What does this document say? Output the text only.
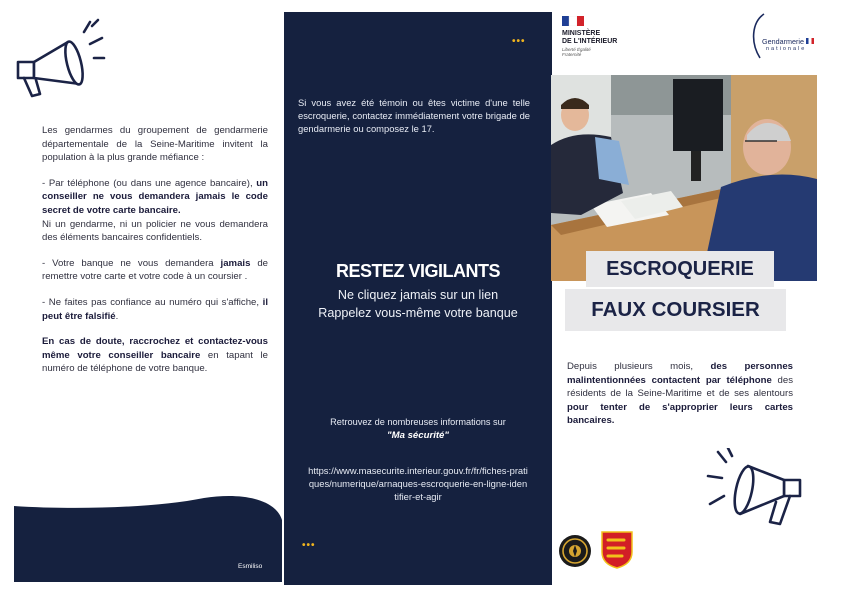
Les gendarmes du groupement de gendarmerie départementale de la Seine-Maritime invitent la population à la plus grande méfiance :

- Par téléphone (ou dans une agence bancaire), un conseiller ne vous demandera jamais le code secret de votre carte bancaire.
Ni un gendarme, ni un policier ne vous demandera des éléments bancaires confidentiels.

- Votre banque ne vous demandera jamais de remettre votre carte et votre code à un coursier .

- Ne faites pas confiance au numéro qui s'affiche, il peut être falsifié.

En cas de doute, raccrochez et contactez-vous même votre conseiller bancaire en tapant le numéro de téléphone de votre banque.

Esmiliso
•••
Si vous avez été témoin ou êtes victime d'une telle escroquerie, contactez immédiatement votre brigade de gendarmerie ou composez le 17.
RESTEZ VIGILANTS
Ne cliquez jamais sur un lien
Rappelez vous-même votre banque
Retrouvez de nombreuses informations sur
"Ma sécurité"
https://www.masecurite.interieur.gouv.fr/fr/fiches-pratiques/numerique/arnaques-escroquerie-en-ligne-identifier-et-agir
•••
MINISTÈRE
DE L'INTÉRIEUR
Liberté Égalité Fraternité
Gendarmerie
nationale
ESCROQUERIE
FAUX COURSIER
Depuis plusieurs mois, des personnes malintentionnées contactent par téléphone des résidents de la Seine-Maritime et de ses alentours pour tenter de s'approprier leurs cartes bancaires.
